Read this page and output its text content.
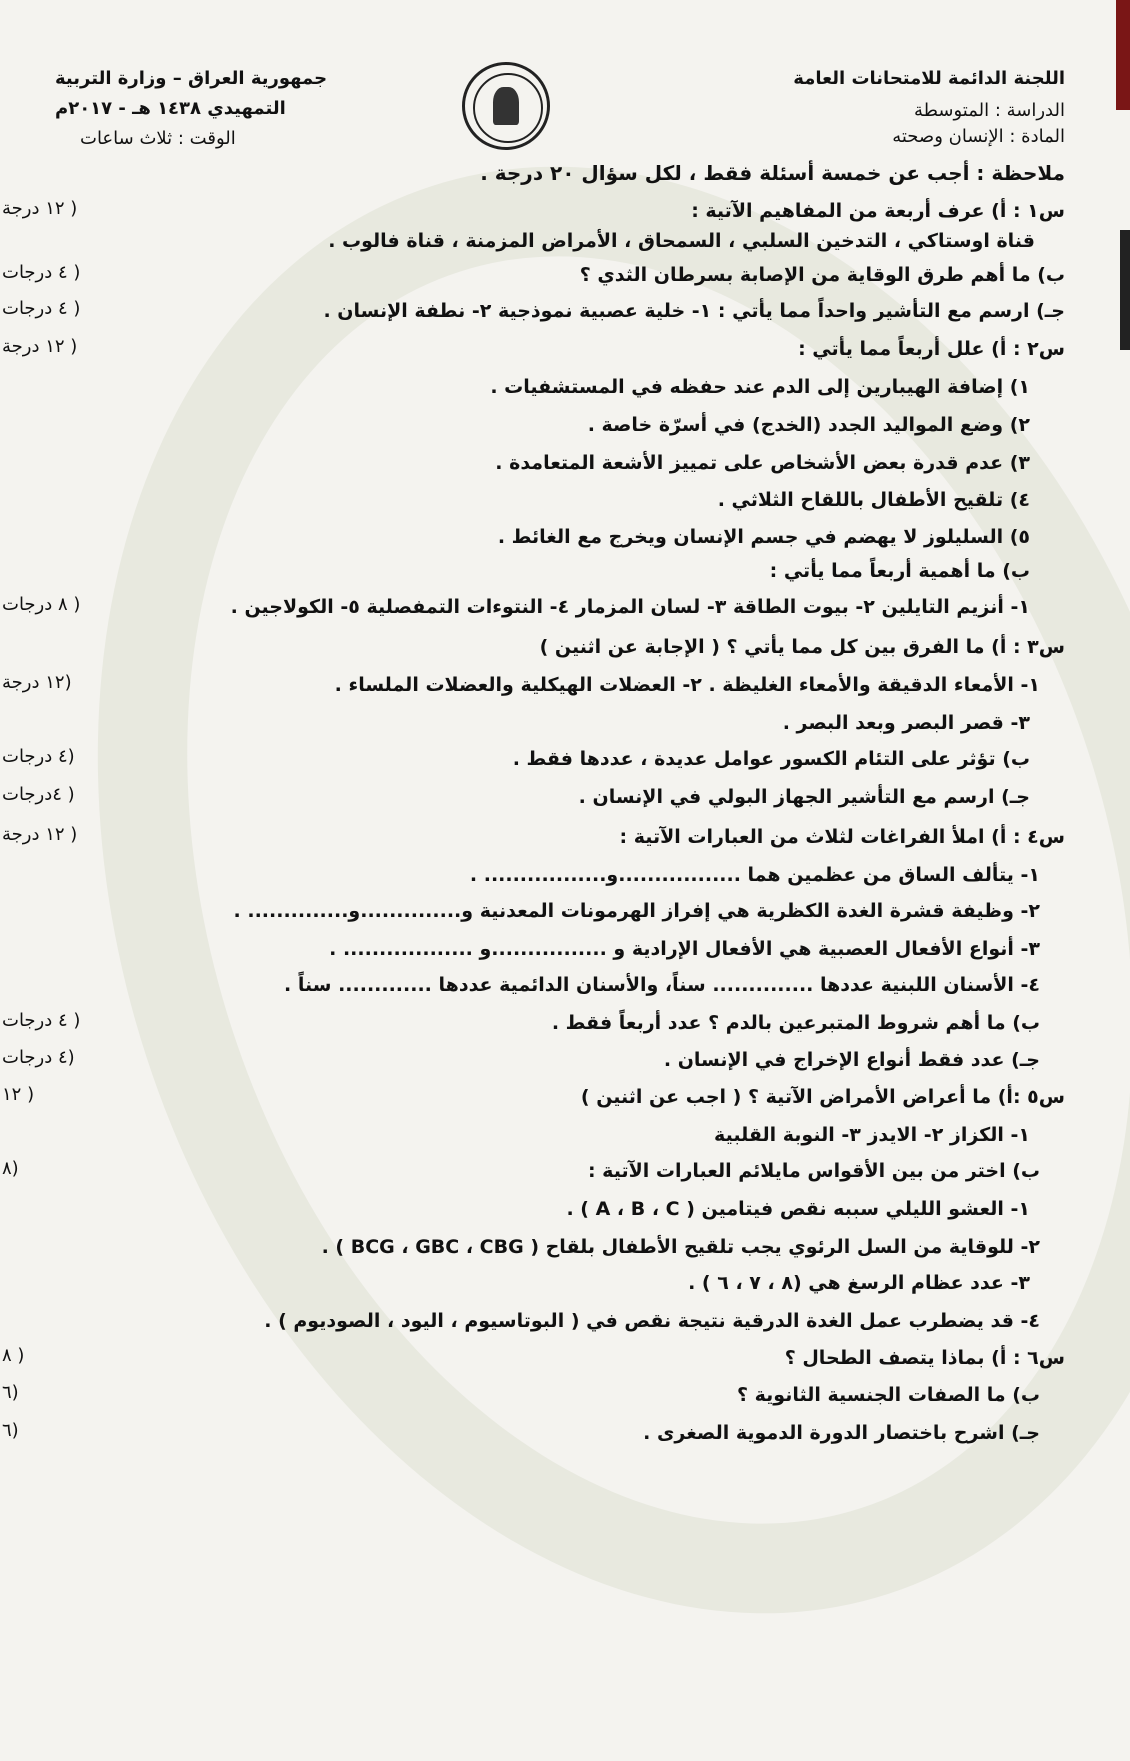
اللجنة الدائمة للامتحانات العامة
الدراسة : المتوسطة
المادة : الإنسان وصحته
جمهورية العراق – وزارة التربية
التمهيدي ١٤٣٨ هـ - ٢٠١٧م
الوقت : ثلاث ساعات
ملاحظة : أجب عن خمسة أسئلة فقط ، لكل سؤال ٢٠ درجة .
س١ : أ) عرف أربعة من المفاهيم الآتية :
( ١٢ درجة
قناة اوستاكي ، التدخين السلبي ، السمحاق ، الأمراض المزمنة ، قناة فالوب .
ب) ما أهم طرق الوقاية من الإصابة بسرطان الثدي ؟
( ٤ درجات
جـ) ارسم مع التأشير واحداً مما يأتي : ١- خلية عصبية نموذجية ٢- نطفة الإنسان .
( ٤ درجات
س٢ : أ) علل أربعاً مما يأتي :
( ١٢ درجة
١) إضافة الهيبارين إلى الدم عند حفظه في المستشفيات .
٢) وضع المواليد الجدد (الخدج) في أسرّة خاصة .
٣) عدم قدرة بعض الأشخاص على تمييز الأشعة المتعامدة .
٤) تلقيح الأطفال باللقاح الثلاثي .
٥) السليلوز لا يهضم في جسم الإنسان ويخرج مع الغائط .
ب) ما أهمية أربعاً مما يأتي :
١- أنزيم التايلين ٢- بيوت الطاقة ٣- لسان المزمار ٤- النتوءات التمفصلية ٥- الكولاجين .
( ٨ درجات
س٣ : أ) ما الفرق بين كل مما يأتي ؟ ( الإجابة عن اثنين )
١- الأمعاء الدقيقة والأمعاء الغليظة . ٢- العضلات الهيكلية والعضلات الملساء .
(١٢ درجة
٣- قصر البصر وبعد البصر .
ب) تؤثر على التئام الكسور عوامل عديدة ، عددها فقط .
(٤ درجات
جـ) ارسم مع التأشير الجهاز البولي في الإنسان .
( ٤درجات
س٤ : أ) املأ الفراغات لثلاث من العبارات الآتية :
( ١٢ درجة
١- يتألف الساق من عظمين هما .................و................. .
٢- وظيفة قشرة الغدة الكظرية هي إفراز الهرمونات المعدنية و..............و.............. .
٣- أنواع الأفعال العصبية هي الأفعال الإرادية و ................و .................. .
٤- الأسنان اللبنية عددها .............. سناً، والأسنان الدائمية عددها ............. سناً .
ب) ما أهم شروط المتبرعين بالدم ؟ عدد أربعاً فقط .
( ٤ درجات
جـ) عدد فقط أنواع الإخراج في الإنسان .
(٤ درجات
س٥ :أ) ما أعراض الأمراض الآتية ؟ ( اجب عن اثنين )
( ١٢
١- الكزاز ٢- الايدز ٣- النوبة القلبية
ب) اختر من بين الأقواس مايلائم العبارات الآتية :
(٨
١- العشو الليلي سببه نقص فيتامين ( A ، B ، C ) .
٢- للوقاية من السل الرئوي يجب تلقيح الأطفال بلقاح ( BCG ، GBC ، CBG ) .
٣- عدد عظام الرسغ هي (٨ ، ٧ ، ٦ ) .
٤- قد يضطرب عمل الغدة الدرقية نتيجة نقص في ( البوتاسيوم ، اليود ، الصوديوم ) .
س٦ : أ) بماذا يتصف الطحال ؟
( ٨
ب) ما الصفات الجنسية الثانوية ؟
(٦
جـ) اشرح باختصار الدورة الدموية الصغرى .
(٦
